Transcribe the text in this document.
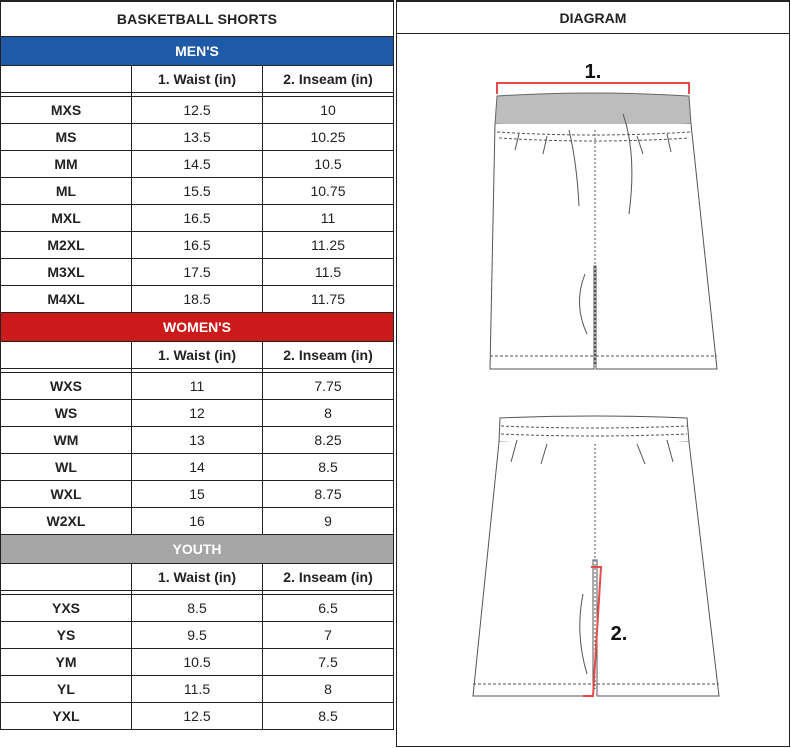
BASKETBALL SHORTS		
MEN'S		
	1. Waist (in)	2. Inseam (in)

MXS	12.5	10
MS	13.5	10.25
MM	14.5	10.5
ML	15.5	10.75
MXL	16.5	11
M2XL	16.5	11.25
M3XL	17.5	11.5
M4XL	18.5	11.75
WOMEN'S		
	1. Waist (in)	2. Inseam (in)

WXS	11	7.75
WS	12	8
WM	13	8.25
WL	14	8.5
WXL	15	8.75
W2XL	16	9
YOUTH		
	1. Waist (in)	2. Inseam (in)

YXS	8.5	6.5
YS	9.5	7
YM	10.5	7.5
YL	11.5	8
YXL	12.5	8.5
DIAGRAM
1.
2.
